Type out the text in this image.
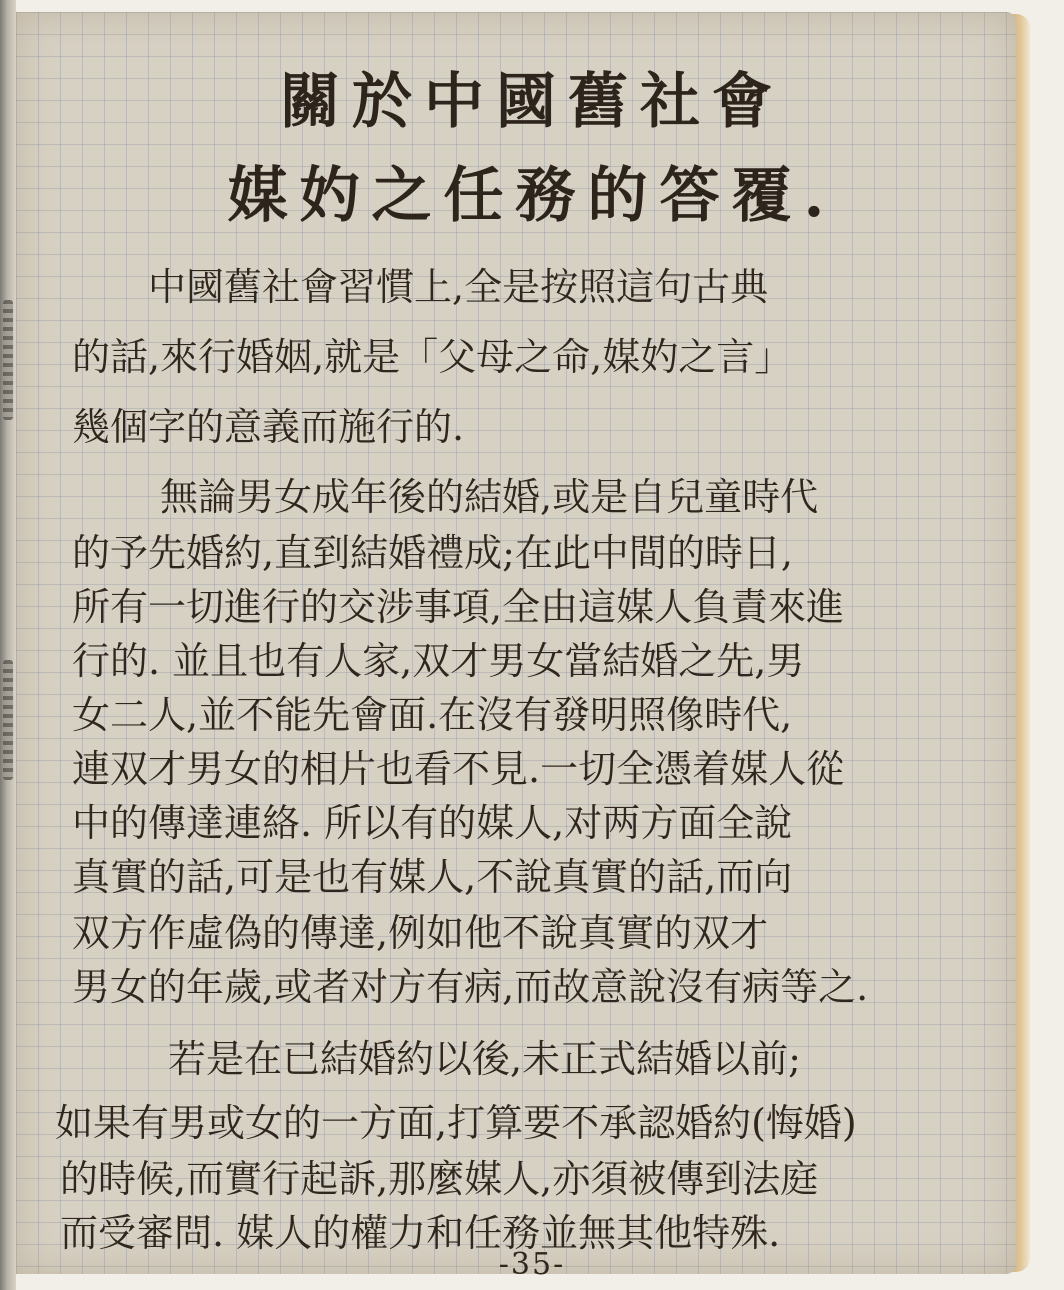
關於中國舊社會
媒妁之任務的答覆.
中國舊社會習慣上,全是按照這句古典
的話,來行婚姻,就是「父母之命,媒妁之言」
幾個字的意義而施行的.
無論男女成年後的結婚,或是自兒童時代
的予先婚約,直到結婚禮成;在此中間的時日,
所有一切進行的交涉事項,全由這媒人負責來進
行的. 並且也有人家,双才男女當結婚之先,男
女二人,並不能先會面.在沒有發明照像時代,
連双才男女的相片也看不見.一切全憑着媒人從
中的傳達連絡. 所以有的媒人,对两方面全說
真實的話,可是也有媒人,不說真實的話,而向
双方作虛偽的傳達,例如他不說真實的双才
男女的年歲,或者对方有病,而故意說沒有病等之.
若是在已結婚約以後,未正式結婚以前;
如果有男或女的一方面,打算要不承認婚約(悔婚)
的時候,而實行起訴,那麼媒人,亦須被傳到法庭
而受審問. 媒人的權力和任務並無其他特殊.
-35-
